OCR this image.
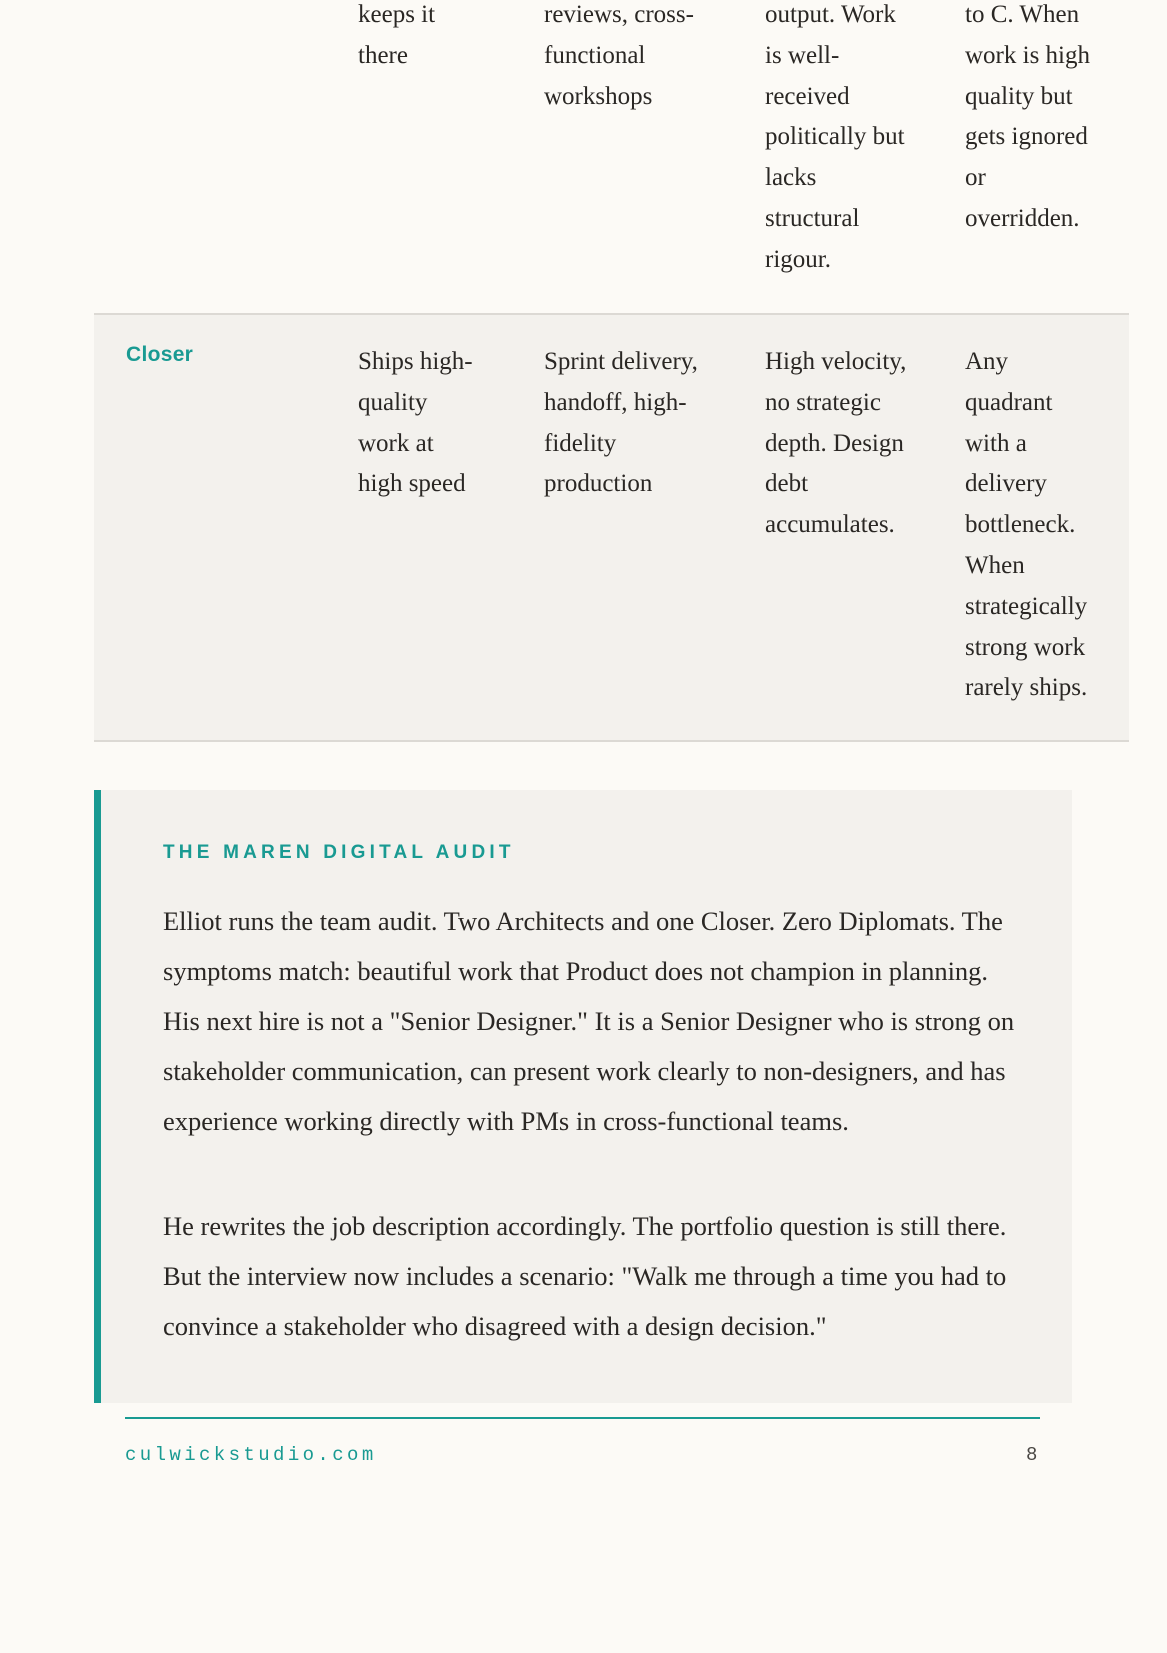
keeps it there
reviews, cross-functional workshops
output. Work is well-received politically but lacks structural rigour.
to C. When work is high quality but gets ignored or overridden.
Closer	Ships high-quality work at high speed
Sprint delivery, handoff, high-fidelity production
High velocity, no strategic depth. Design debt accumulates.
Any quadrant with a delivery bottleneck. When strategically strong work rarely ships.
THE MAREN DIGITAL AUDIT

Elliot runs the team audit. Two Architects and one Closer. Zero Diplomats. The symptoms match: beautiful work that Product does not champion in planning. His next hire is not a "Senior Designer." It is a Senior Designer who is strong on stakeholder communication, can present work clearly to non-designers, and has experience working directly with PMs in cross-functional teams.

He rewrites the job description accordingly. The portfolio question is still there. But the interview now includes a scenario: "Walk me through a time you had to convince a stakeholder who disagreed with a design decision."

culwickstudio.com	8
